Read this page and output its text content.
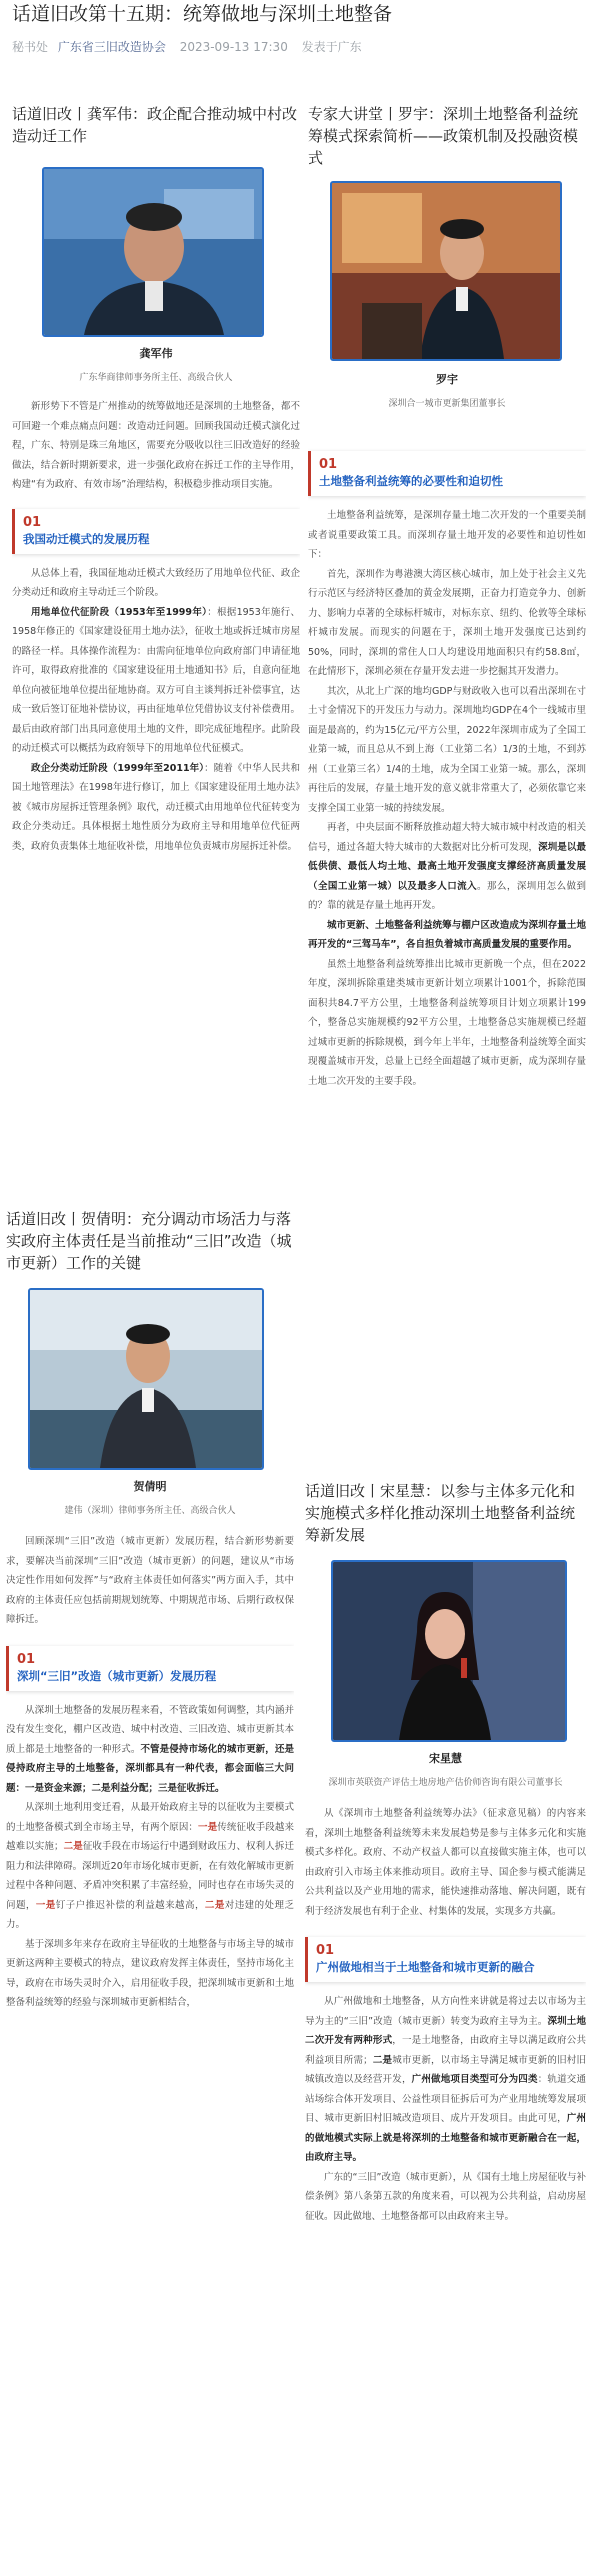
话道旧改第十五期：统筹做地与深圳土地整备
秘书处 广东省三旧改造协会 2023-09-13 17:30 发表于广东
话道旧改丨龚军伟：政企配合推动城中村改造动迁工作
龚军伟
广东华商律师事务所主任、高级合伙人
新形势下不管是广州推动的统筹做地还是深圳的土地整备，都不可回避一个难点痛点问题：改造动迁问题。回顾我国动迁模式演化过程，广东、特别是珠三角地区，需要充分吸收以往三旧改造好的经验做法，结合新时期新要求，进一步强化政府在拆迁工作的主导作用，构建“有为政府、有效市场”治理结构，积极稳步推动项目实施。
01
我国动迁模式的发展历程
从总体上看，我国征地动迁模式大致经历了用地单位代征、政企分类动迁和政府主导动迁三个阶段。
用地单位代征阶段（1953年至1999年）：根据1953年施行、1958年修正的《国家建设征用土地办法》，征收土地或拆迁城市房屋的路径一样。具体操作流程为：由需向征地单位向政府部门申请征地许可，取得政府批准的《国家建设征用土地通知书》后，自意向征地单位向被征地单位提出征地协商。双方可自主谈判拆迁补偿事宜，达成一致后签订征地补偿协议，再由征地单位凭借协议支付补偿费用。最后由政府部门出具同意使用土地的文件，即完成征地程序。此阶段的动迁模式可以概括为政府领导下的用地单位代征模式。
政企分类动迁阶段（1999年至2011年）：随着《中华人民共和国土地管理法》在1998年进行修订，加上《国家建设征用土地办法》被《城市房屋拆迁管理条例》取代，动迁模式由用地单位代征转变为政企分类动迁。具体根据土地性质分为政府主导和用地单位代征两类，政府负责集体土地征收补偿，用地单位负责城市房屋拆迁补偿。
专家大讲堂丨罗宇：深圳土地整备利益统筹模式探索简析——政策机制及投融资模式
罗宇
深圳合一城市更新集团董事长
01
土地整备利益统筹的必要性和迫切性
土地整备利益统筹，是深圳存量土地二次开发的一个重要美制或者说重要政策工具。而深圳存量土地开发的必要性和迫切性如下：
首先，深圳作为粤港澳大湾区核心城市，加上处于社会主义先行示范区与经济特区叠加的黄金发展期，正奋力打造竞争力、创新力、影响力卓著的全球标杆城市，对标东京、纽约、伦敦等全球标杆城市发展。而现实的问题在于，深圳土地开发强度已达到约50%，同时，深圳的常住人口人均建设用地面积只有约58.8㎡，在此情形下，深圳必须在存量开发去进一步挖掘其开发潜力。
其次，从北上广深的地均GDP与财政收入也可以看出深圳在寸土寸金情况下的开发压力与动力。深圳地均GDP在4个一线城市里面是最高的，约为15亿元/平方公里，2022年深圳市成为了全国工业第一城，而且总从不到上海（工业第二名）1/3的土地，不到苏州（工业第三名）1/4的土地，成为全国工业第一城。那么，深圳再往后的发展，存量土地开发的意义就非常重大了，必须依靠它来支撑全国工业第一城的持续发展。
再者，中央层面不断释放推动超大特大城市城中村改造的相关信号，通过各超大特大城市的大数据对比分析可发现，深圳是以最低供债、最低人均土地、最高土地开发强度支撑经济高质量发展（全国工业第一城）以及最多人口流入。那么，深圳用怎么做到的？靠的就是存量土地再开发。
城市更新、土地整备利益统筹与棚户区改造成为深圳存量土地再开发的“三驾马车”，各自担负着城市高质量发展的重要作用。
虽然土地整备利益统筹推出比城市更新晚一个点，但在2022年度，深圳拆除重建类城市更新计划立项累计1001个，拆除范围面积共84.7平方公里，土地整备利益统筹项目计划立项累计199个，整备总实施规模约92平方公里，土地整备总实施规模已经超过城市更新的拆除规模，到今年上半年，土地整备利益统筹全面实现覆盖城市开发，总量上已经全面超越了城市更新，成为深圳存量土地二次开发的主要手段。
话道旧改丨贺倩明：充分调动市场活力与落实政府主体责任是当前推动“三旧”改造（城市更新）工作的关键
贺倩明
建伟（深圳）律师事务所主任、高级合伙人
回顾深圳“三旧”改造（城市更新）发展历程，结合新形势新要求，要解决当前深圳“三旧”改造（城市更新）的问题，建议从“市场决定性作用如何发挥”与“政府主体责任如何落实”两方面入手，其中政府的主体责任应包括前期规划统筹、中期规范市场、后期行政权保障拆迁。
01
深圳“三旧”改造（城市更新）发展历程
从深圳土地整备的发展历程来看，不管政策如何调整，其内涵并没有发生变化，棚户区改造、城中村改造、三旧改造、城市更新其本质上都是土地整备的一种形式。不管是侵持市场化的城市更新，还是侵持政府主导的土地整备，深圳都具有一种代表，都会面临三大问题：一是资金来源；二是利益分配；三是征收拆迁。
从深圳土地利用变迁看，从最开始政府主导的以征收为主要模式的土地整备模式到全市场主导，有两个原因：一是传统征收手段越来越难以实施；二是征收手段在市场运行中遇到财政压力、权利人拆迁阻力和法律障碍。深圳近20年市场化城市更新，在有效化解城市更新过程中各种问题、矛盾冲突积累了丰富经验，同时也存在市场失灵的问题，一是钉子户推迟补偿的利益越来越高，二是对违建的处理乏力。
基于深圳多年来存在政府主导征收的土地整备与市场主导的城市更新这两种主要模式的特点，建议政府发挥主体责任，坚持市场化主导，政府在市场失灵时介入，启用征收手段，把深圳城市更新和土地整备利益统筹的经验与深圳城市更新相结合，
话道旧改丨宋星慧：以参与主体多元化和实施模式多样化推动深圳土地整备利益统筹新发展
宋星慧
深圳市英联资产评估土地房地产估价师咨询有限公司董事长
从《深圳市土地整备利益统筹办法》（征求意见稿）的内容来看，深圳土地整备利益统筹未来发展趋势是参与主体多元化和实施模式多样化。政府、不动产权益人都可以直接做实施主体，也可以由政府引入市场主体来推动项目。政府主导、国企参与模式能满足公共利益以及产业用地的需求，能快速推动落地、解决问题，既有利于经济发展也有利于企业、村集体的发展，实现多方共赢。
01
广州做地相当于土地整备和城市更新的融合
从广州做地和土地整备，从方向性来讲就是将过去以市场为主导为主的“三旧”改造（城市更新）转变为政府主导为主。深圳土地二次开发有两种形式，一是土地整备，由政府主导以满足政府公共利益项目所需；二是城市更新，以市场主导满足城市更新的旧村旧城镇改造以及经营开发，广州做地项目类型可分为四类：轨道交通站场综合体开发项目、公益性项目征拆后可为产业用地统筹发展项目、城市更新旧村旧城改造项目、成片开发项目。由此可见，广州的做地模式实际上就是将深圳的土地整备和城市更新融合在一起，由政府主导。
广东的“三旧”改造（城市更新），从《国有土地上房屋征收与补偿条例》第八条第五款的角度来看，可以视为公共利益，启动房屋征收。因此做地、土地整备都可以由政府来主导。
